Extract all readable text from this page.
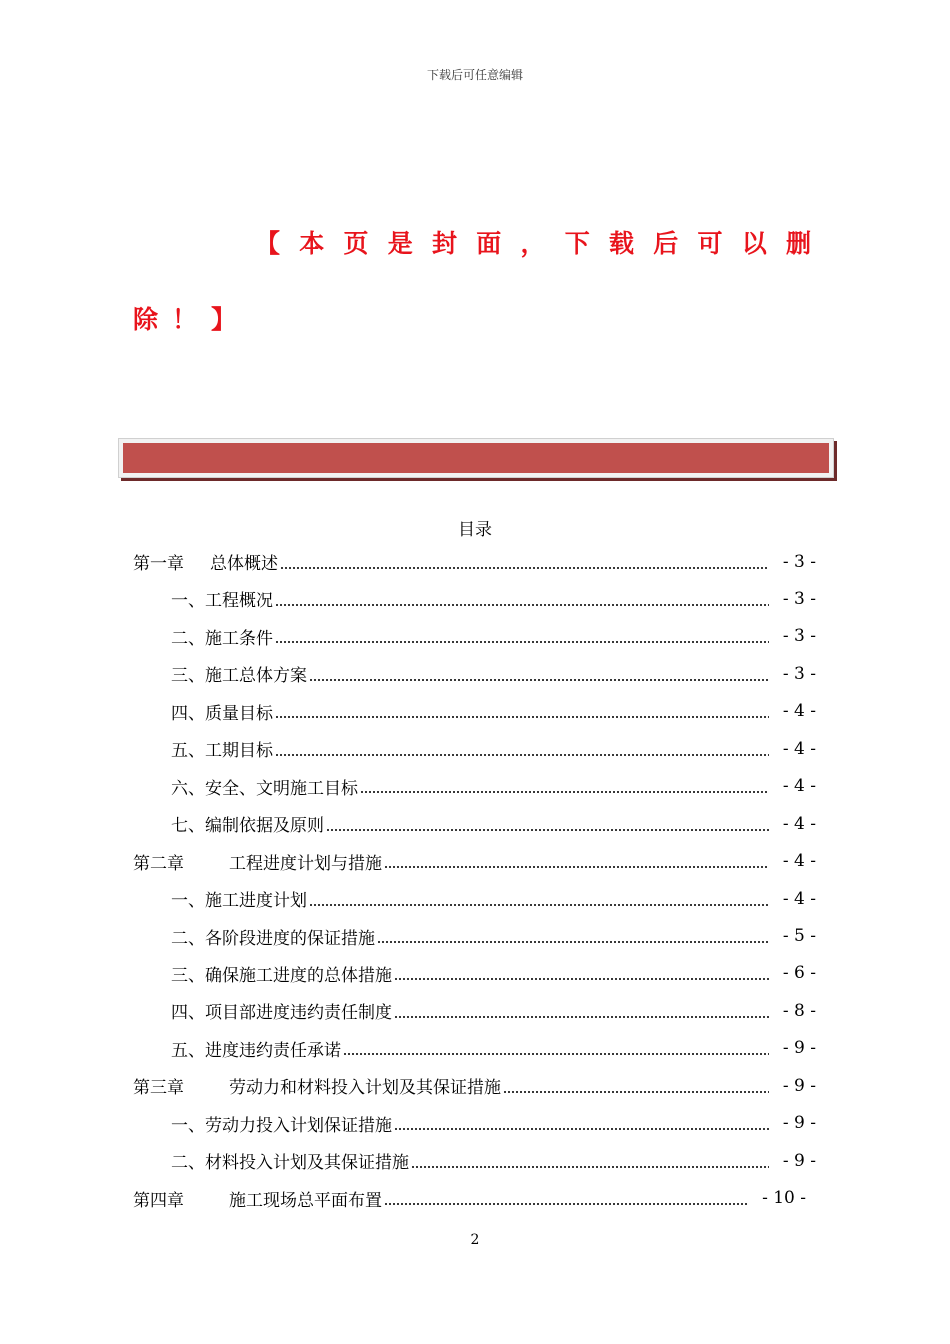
下载后可任意编辑
【本页是封面，下载后可以删
除！】
目录
第一章	总体概述	- 3 -
一、工程概况	- 3 -
二、施工条件	- 3 -
三、施工总体方案	- 3 -
四、质量目标	- 4 -
五、工期目标	- 4 -
六、安全、文明施工目标	- 4 -
七、编制依据及原则	- 4 -
第二章	工程进度计划与措施	- 4 -
一、施工进度计划	- 4 -
二、各阶段进度的保证措施	- 5 -
三、确保施工进度的总体措施	- 6 -
四、项目部进度违约责任制度	- 8 -
五、进度违约责任承诺	- 9 -
第三章	劳动力和材料投入计划及其保证措施	- 9 -
一、劳动力投入计划保证措施	- 9 -
二、材料投入计划及其保证措施	- 9 -
第四章	施工现场总平面布置	- 10 -
2
